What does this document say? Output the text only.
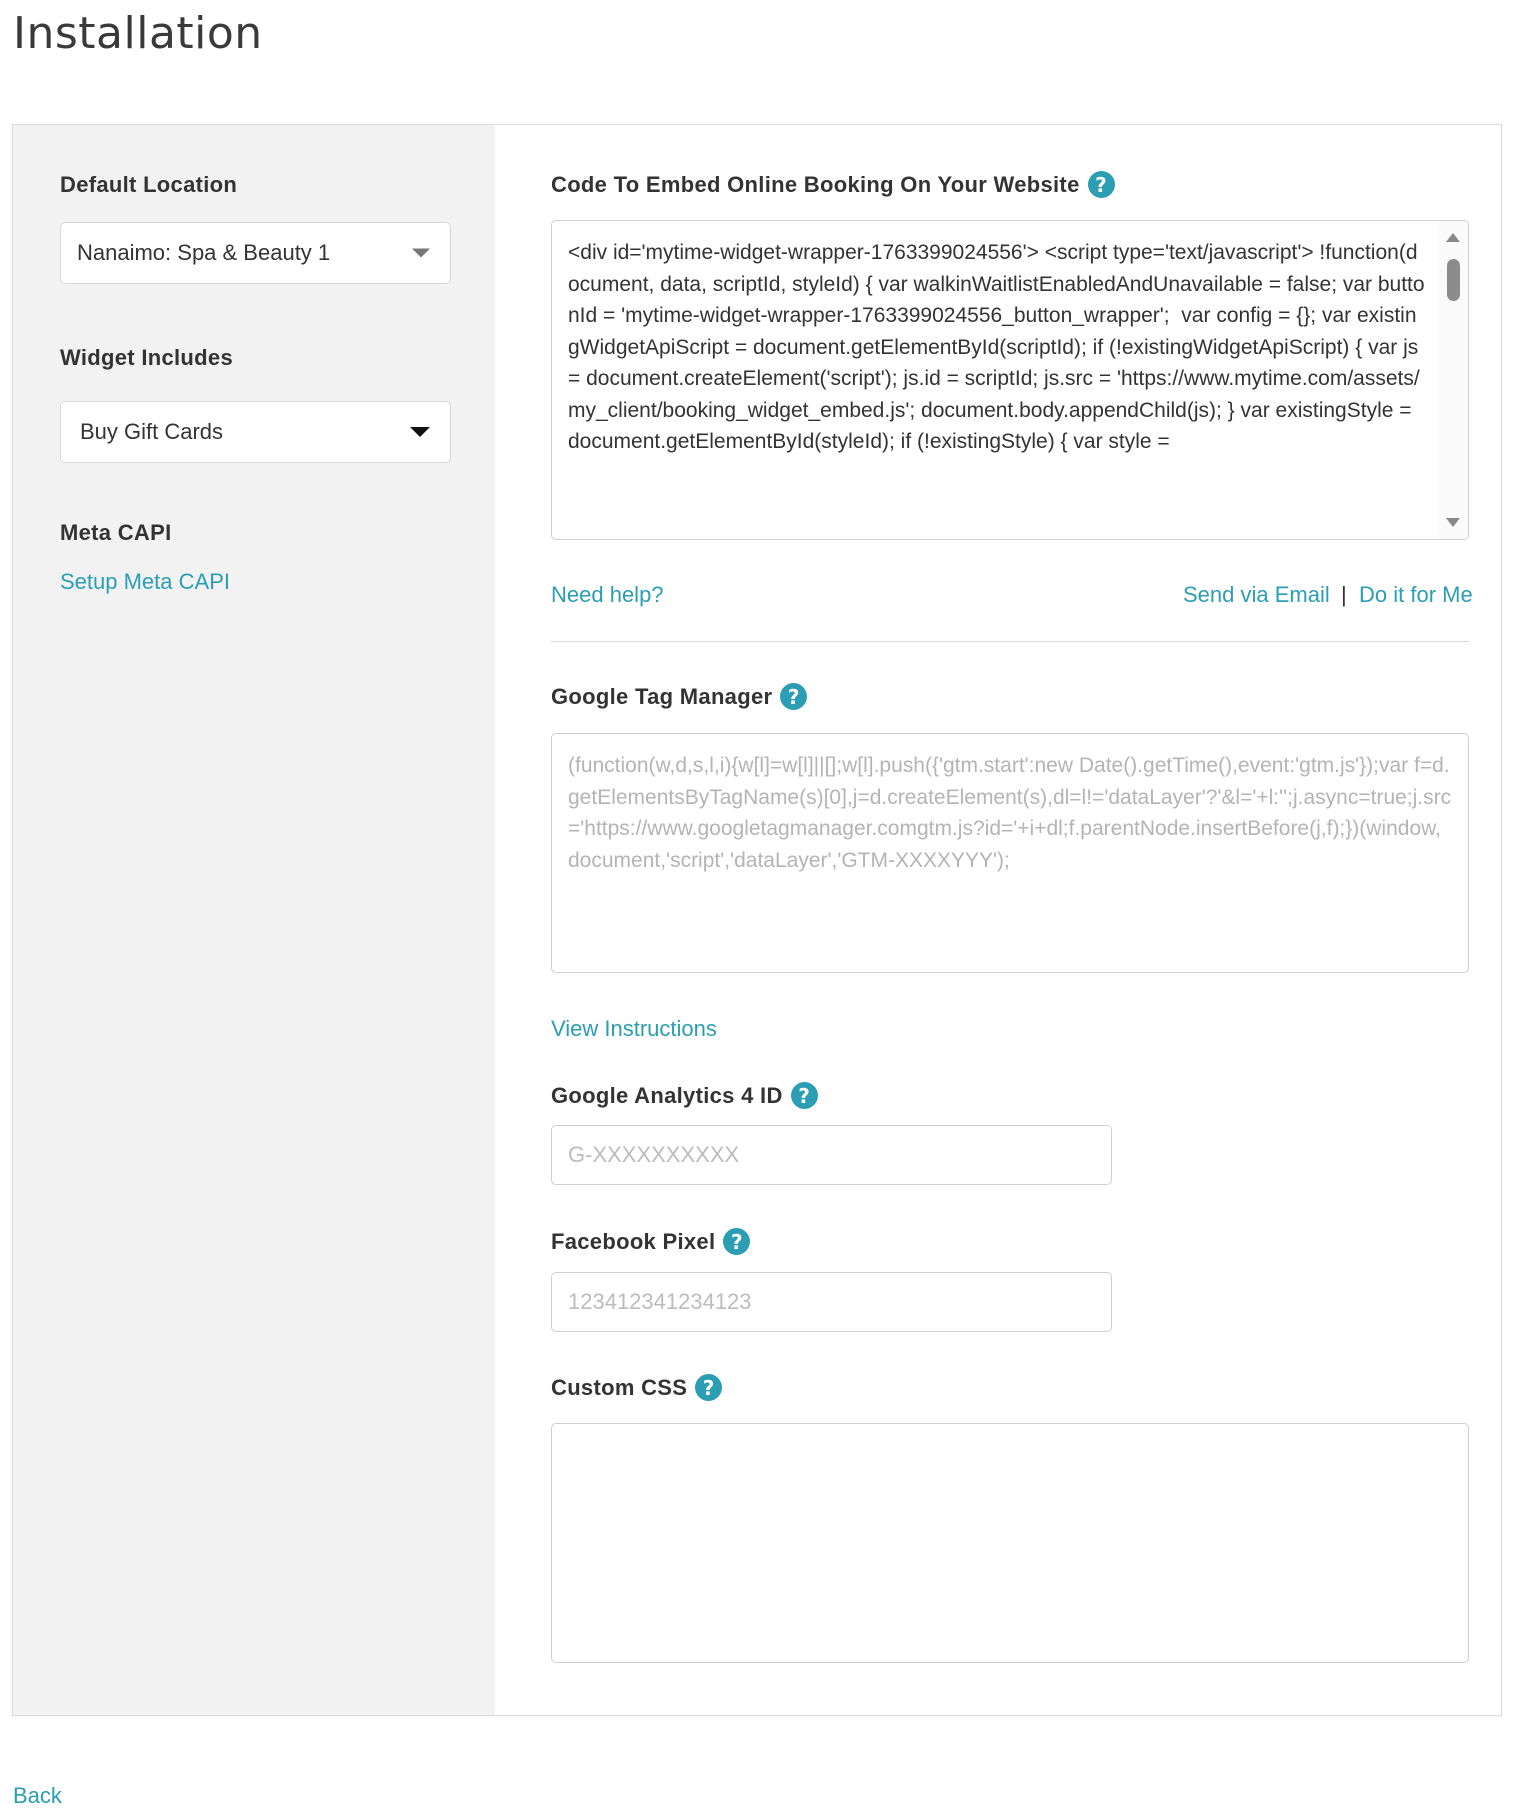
Installation
Default Location
Nanaimo: Spa & Beauty 1
Widget Includes
Buy Gift Cards
Meta CAPI
Setup Meta CAPI
Code To Embed Online Booking On Your Website ?
<div id='mytime-widget-wrapper-1763399024556'> <script type='text/javascript'> !function(document, data, scriptId, styleId) { var walkinWaitlistEnabledAndUnavailable = false; var buttonId = 'mytime-widget-wrapper-1763399024556_button_wrapper';  var config = {}; var existingWidgetApiScript = document.getElementById(scriptId); if (!existingWidgetApiScript) { var js = document.createElement('script'); js.id = scriptId; js.src = 'https://www.mytime.com/assets/my_client/booking_widget_embed.js'; document.body.appendChild(js); } var existingStyle = document.getElementById(styleId); if (!existingStyle) { var style =
Need help?	Send via Email | Do it for Me
Google Tag Manager ?
(function(w,d,s,l,i){w[l]=w[l]||[];w[l].push({'gtm.start':new Date().getTime(),event:'gtm.js'});var f=d.getElementsByTagName(s)[0],j=d.createElement(s),dl=l!='dataLayer'?'&l='+l:'';j.async=true;j.src='https://www.googletagmanager.comgtm.js?id='+i+dl;f.parentNode.insertBefore(j,f);})(window,document,'script','dataLayer','GTM-XXXXYYY');
View Instructions
Google Analytics 4 ID ?
G-XXXXXXXXXX
Facebook Pixel ?
123412341234123
Custom CSS ?
Back
